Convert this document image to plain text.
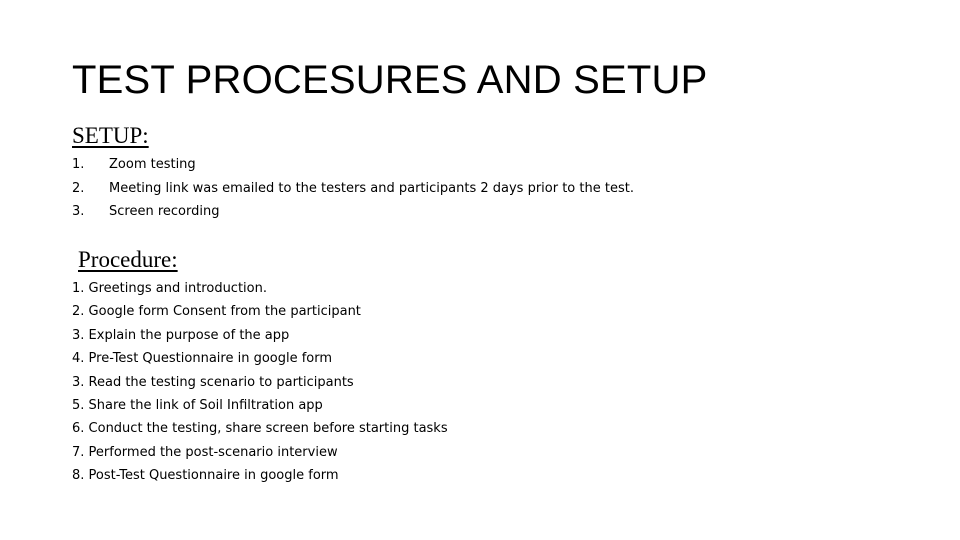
TEST PROCESURES AND SETUP
SETUP:
1.	Zoom testing
2.	Meeting link was emailed to the testers and participants 2 days prior to the test.
3.	Screen recording
Procedure:
1. Greetings and introduction.
2. Google form Consent from the participant
3. Explain the purpose of the app
4. Pre-Test Questionnaire in google form
3. Read the testing scenario to participants
5. Share the link of Soil Infiltration app
6. Conduct the testing, share screen before starting tasks
7. Performed the post-scenario interview
8. Post-Test Questionnaire in google form
